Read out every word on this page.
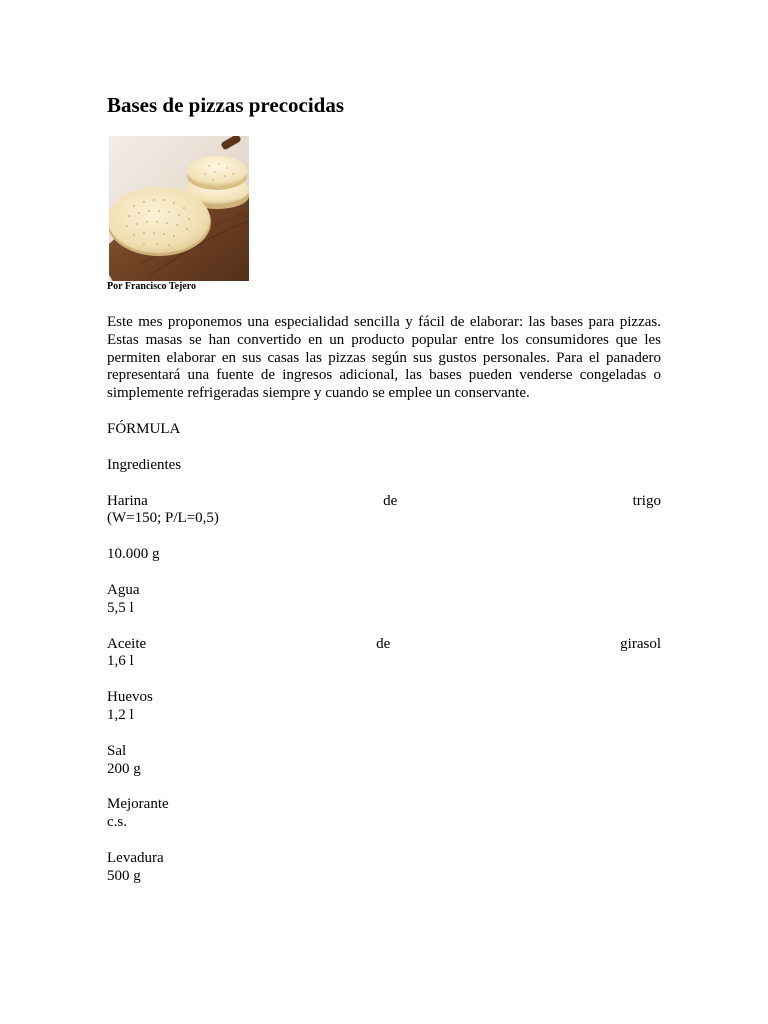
Bases de pizzas precocidas
Por Francisco Tejero

Este mes proponemos una especialidad sencilla y fácil de elaborar: las bases para pizzas. Estas masas se han convertido en un producto popular entre los consumidores que les permiten elaborar en sus casas las pizzas según sus gustos personales. Para el panadero representará una fuente de ingresos adicional, las bases pueden venderse congeladas o simplemente refrigeradas siempre y cuando se emplee un conservante.

FÓRMULA

Ingredientes

Harina	de	trigo
(W=150; P/L=0,5)
10.000 g
Agua
5,5 l
Aceite	de	girasol
1,6 l
Huevos
1,2 l
Sal
200 g
Mejorante
c.s.
Levadura
500 g
